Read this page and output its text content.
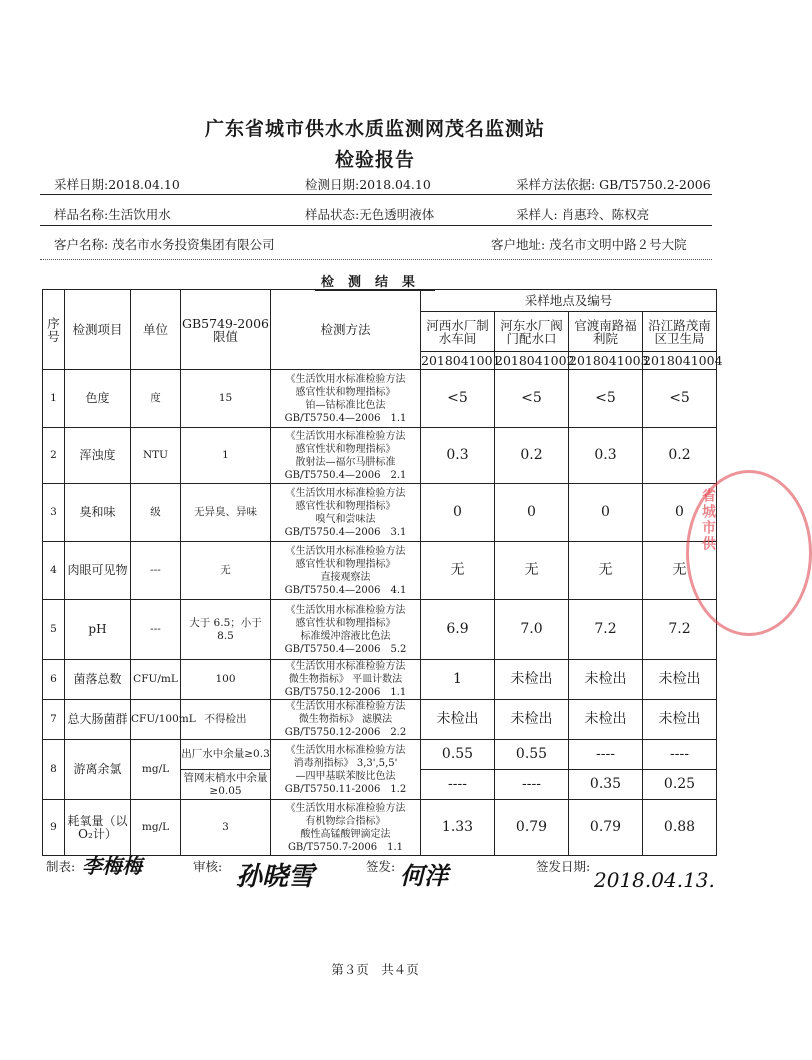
广东省城市供水水质监测网茂名监测站
检验报告
采样日期:2018.04.10	检测日期:2018.04.10	采样方法依据: GB/T5750.2-2006
样品名称:生活饮用水	样品状态:无色透明液体	采样人: 肖惠玲、陈权亮
客户名称: 茂名市水务投资集团有限公司	客户地址: 茂名市文明中路２号大院
检测结果
序号	检测项目	单位	GB5749-2006限值	检测方法	采样地点及编号			
					河西水厂制水车间	河东水厂阀门配水口	官渡南路福利院	沿江路茂南区卫生局
					2018041001	2018041002	2018041003	2018041004
1	色度	度	15	《生活饮用水标准检验方法
感官性状和物理指标》
铂—钴标准比色法
GB/T5750.4—2006　1.1	<5	<5	<5	<5
2	浑浊度	NTU	1	《生活饮用水标准检验方法
感官性状和物理指标》
散射法—福尔马肼标准
GB/T5750.4—2006　2.1	0.3	0.2	0.3	0.2
3	臭和味	级	无异臭、异味	《生活饮用水标准检验方法
感官性状和物理指标》
嗅气和尝味法
GB/T5750.4—2006　3.1	0	0	0	0
4	肉眼可见物	---	无	《生活饮用水标准检验方法
感官性状和物理指标》
直接观察法
GB/T5750.4—2006　4.1	无	无	无	无
5	pH	---	大于 6.5；小于 8.5	《生活饮用水标准检验方法
感官性状和物理指标》
标准缓冲溶液比色法
GB/T5750.4—2006　5.2	6.9	7.0	7.2	7.2
6	菌落总数	CFU/mL	100	《生活饮用水标准检验方法
微生物指标》 平皿计数法
GB/T5750.12-2006　1.1	1	未检出	未检出	未检出
7	总大肠菌群	CFU/100mL	不得检出	《生活饮用水标准检验方法
微生物指标》 滤膜法
GB/T5750.12-2006　2.2	未检出	未检出	未检出	未检出
8	游离余氯	mg/L	出厂水中余量≥0.3	《生活饮用水标准检验方法
消毒剂指标》 3,3',5,5'
—四甲基联苯胺比色法
GB/T5750.11-2006　1.2	0.55	0.55	----	----
			管网末梢水中余量≥0.05		----	----	0.35	0.25
9	耗氧量（以O₂计）	mg/L	3	《生活饮用水标准检验方法
有机物综合指标》
酸性高锰酸钾滴定法
GB/T5750.7-2006　1.1	1.33	0.79	0.79	0.88
省城市供
制表: 李梅梅	审核: 孙晓雪	签发: 何洋	签发日期:
2018.04.13.
第３页　共４页
